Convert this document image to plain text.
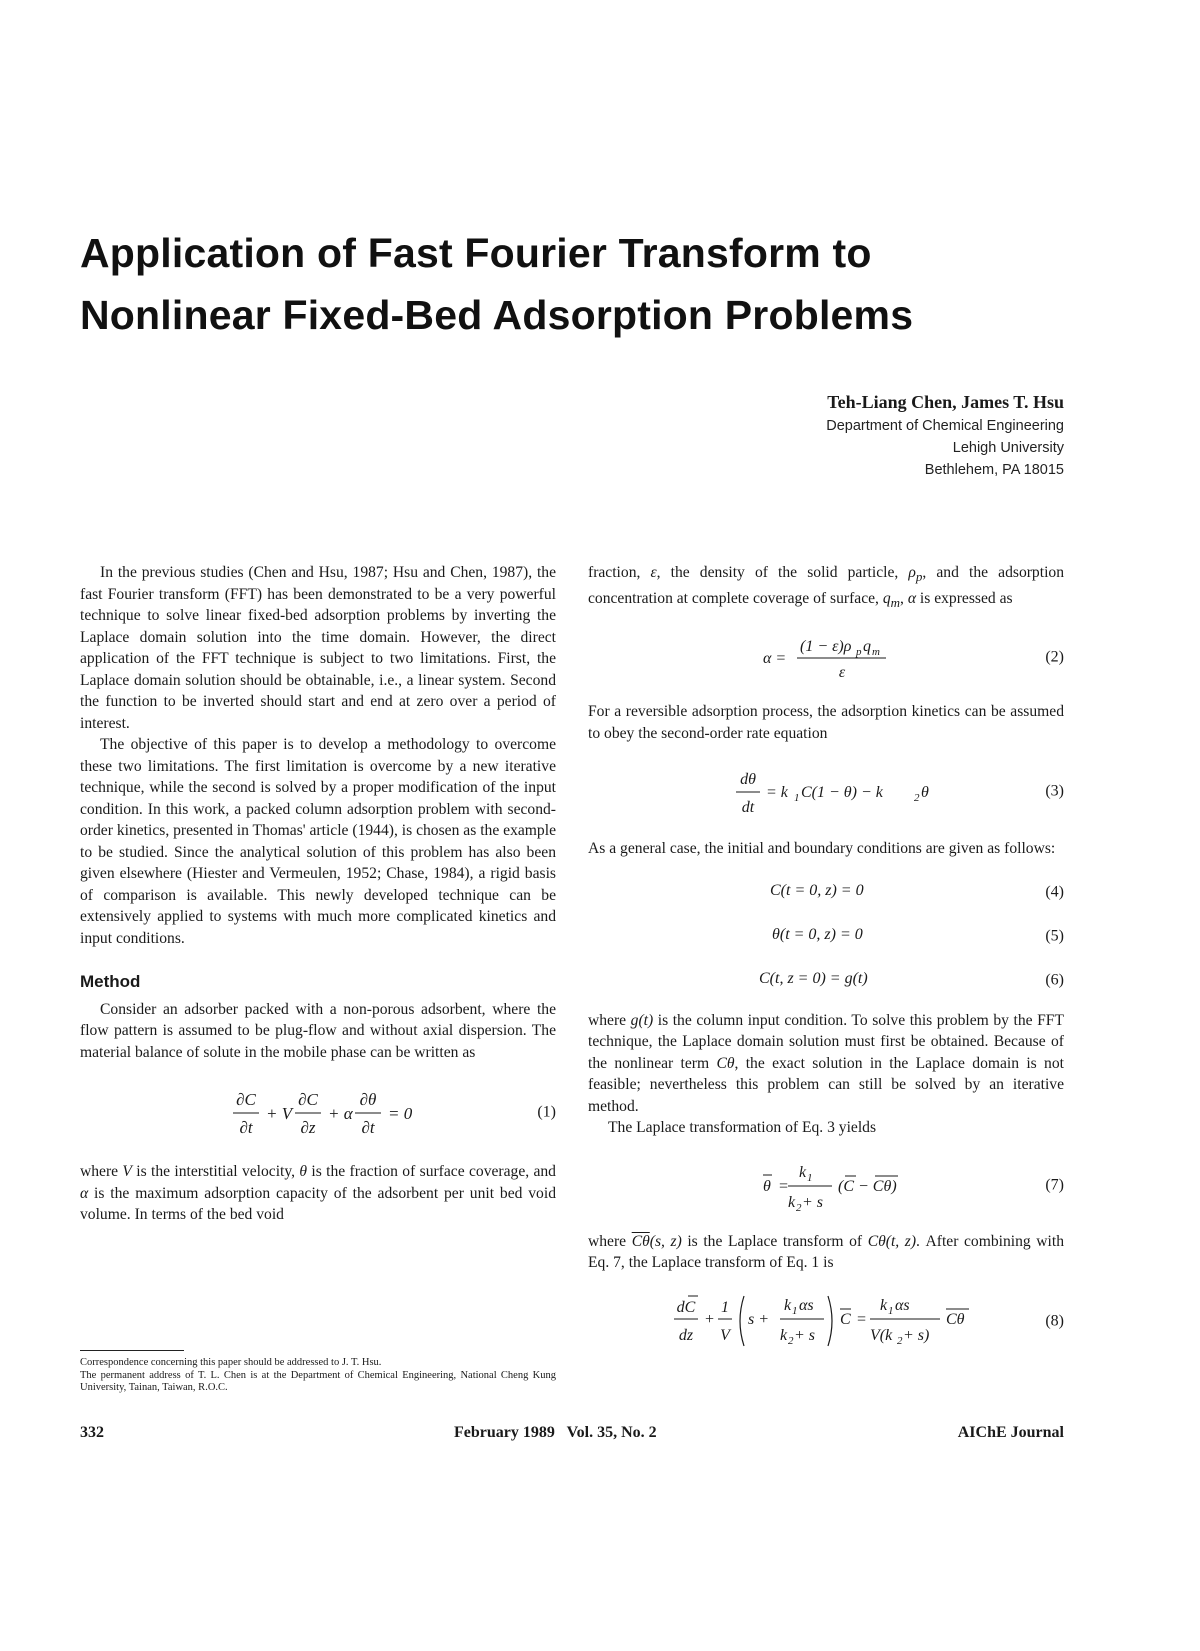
Application of Fast Fourier Transform to
Nonlinear Fixed-Bed Adsorption Problems
Teh-Liang Chen, James T. Hsu
Department of Chemical Engineering
Lehigh University
Bethlehem, PA 18015

In the previous studies (Chen and Hsu, 1987; Hsu and Chen, 1987), the fast Fourier transform (FFT) has been demonstrated to be a very powerful technique to solve linear fixed-bed adsorption problems by inverting the Laplace domain solution into the time domain. However, the direct application of the FFT technique is subject to two limitations. First, the Laplace domain solution should be obtainable, i.e., a linear system. Second the function to be inverted should start and end at zero over a period of interest.

The objective of this paper is to develop a methodology to overcome these two limitations. The first limitation is overcome by a new iterative technique, while the second is solved by a proper modification of the input condition. In this work, a packed column adsorption problem with second-order kinetics, presented in Thomas' article (1944), is chosen as the example to be studied. Since the analytical solution of this problem has also been given elsewhere (Hiester and Vermeulen, 1952; Chase, 1984), a rigid basis of comparison is available. This newly developed technique can be extensively applied to systems with much more complicated kinetics and input conditions.

Method

Consider an adsorber packed with a non-porous adsorbent, where the flow pattern is assumed to be plug-flow and without axial dispersion. The material balance of solute in the mobile phase can be written as

∂C
∂t
+ V
∂C
∂z
+ α
∂θ
∂t
= 0	(1)

where V is the interstitial velocity, θ is the fraction of surface coverage, and α is the maximum adsorption capacity of the adsorbent per unit bed void volume. In terms of the bed void

fraction, ε, the density of the solid particle, $\rho_p$, and the adsorption concentration at complete coverage of surface, $q_m$, α is expressed as

α =
(1 − ε)ρ p q m
ε
(2)

For a reversible adsorption process, the adsorption kinetics can be assumed to obey the second-order rate equation

dθ
dt
= k 1 C(1 − θ) − k	2 θ	(3)

As a general case, the initial and boundary conditions are given as follows:

C(t = 0, z) = 0	(4)
θ(t = 0, z) = 0	(5)
C(t, z = 0) = g(t)	(6)

where g(t) is the column input condition. To solve this problem by the FFT technique, the Laplace domain solution must first be obtained. Because of the nonlinear term Cθ, the exact solution in the Laplace domain is not feasible; nevertheless this problem can still be solved by an iterative method.

The Laplace transformation of Eq. 3 yields

θ =
k 1
k 2 + s
(C − Cθ)	(7)

where $\overline{C\theta}(s$, z) is the Laplace transform of Cθ(t, z). After combining with Eq. 7, the Laplace transform of Eq. 1 is

dC
dz
+
1
V
s +
k 1 αs
k 2 + s
C =
k 1 αs
V(k 2 + s)
Cθ	(8)

Correspondence concerning this paper should be addressed to J. T. Hsu.

The permanent address of T. L. Chen is at the Department of Chemical Engineering, National Cheng Kung University, Tainan, Taiwan, R.O.C.

332	February 1989   Vol. 35, No. 2	AIChE Journal
